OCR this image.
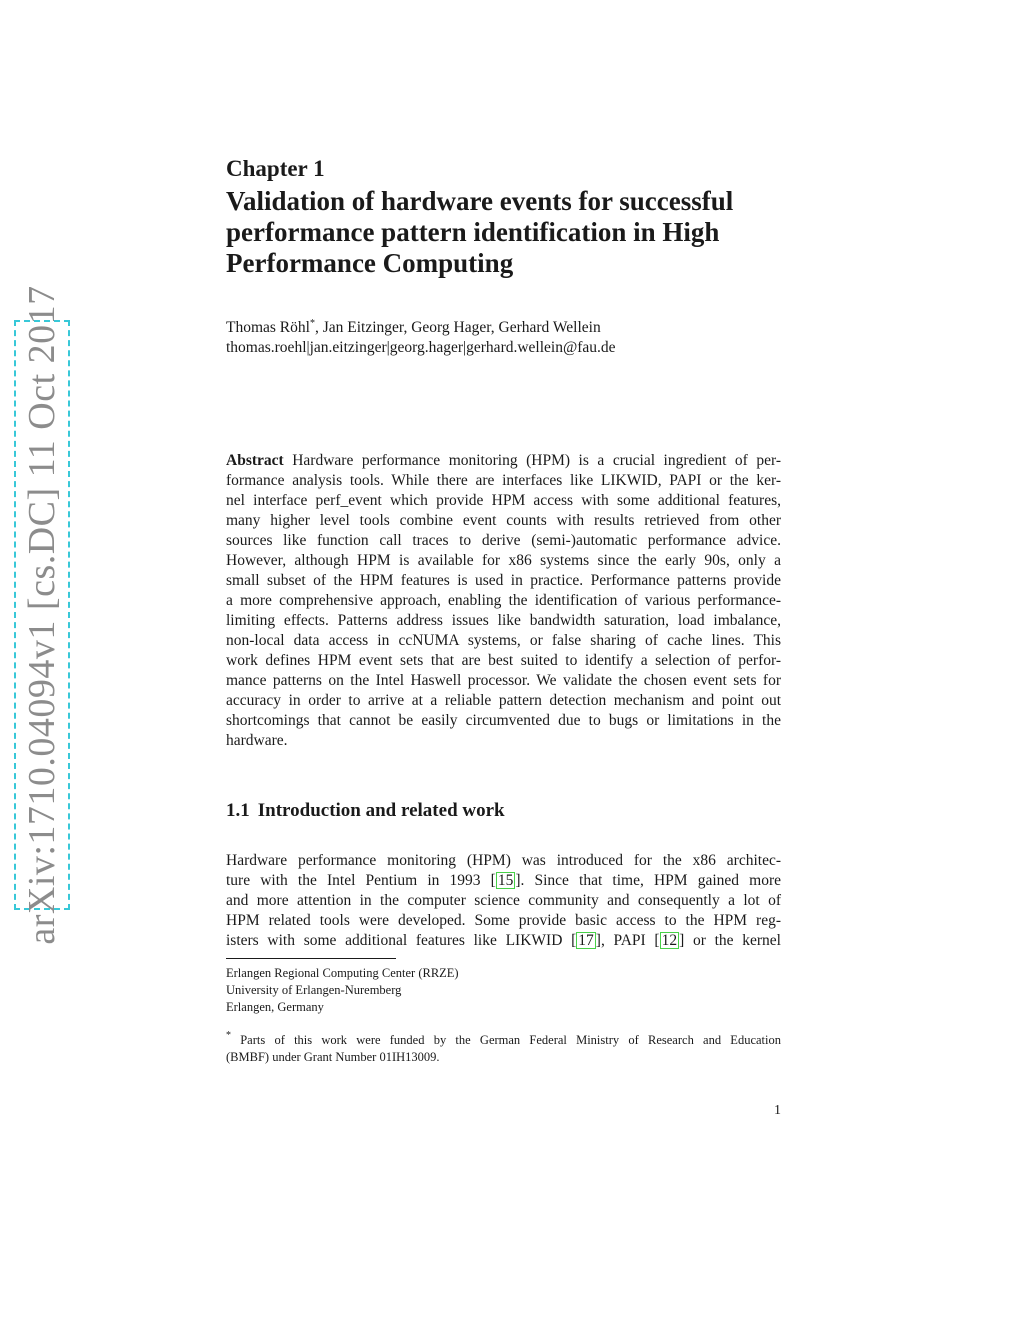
arXiv:1710.04094v1 [cs.DC] 11 Oct 2017
Chapter 1
Validation of hardware events for successful
performance pattern identification in High
Performance Computing
Thomas Röhl*, Jan Eitzinger, Georg Hager, Gerhard Wellein
thomas.roehl|jan.eitzinger|georg.hager|gerhard.wellein@fau.de
Abstract Hardware performance monitoring (HPM) is a crucial ingredient of per-
formance analysis tools. While there are interfaces like LIKWID, PAPI or the ker-
nel interface perf_event which provide HPM access with some additional features,
many higher level tools combine event counts with results retrieved from other
sources like function call traces to derive (semi-)automatic performance advice.
However, although HPM is available for x86 systems since the early 90s, only a
small subset of the HPM features is used in practice. Performance patterns provide
a more comprehensive approach, enabling the identification of various performance-
limiting effects. Patterns address issues like bandwidth saturation, load imbalance,
non-local data access in ccNUMA systems, or false sharing of cache lines. This
work defines HPM event sets that are best suited to identify a selection of perfor-
mance patterns on the Intel Haswell processor. We validate the chosen event sets for
accuracy in order to arrive at a reliable pattern detection mechanism and point out
shortcomings that cannot be easily circumvented due to bugs or limitations in the
hardware.
1.1 Introduction and related work
Hardware performance monitoring (HPM) was introduced for the x86 architec-
ture with the Intel Pentium in 1993 [ 15 ]. Since that time, HPM gained more
and more attention in the computer science community and consequently a lot of
HPM related tools were developed. Some provide basic access to the HPM reg-
isters with some additional features like LIKWID [ 17 ], PAPI [ 12 ] or the kernel
Erlangen Regional Computing Center (RRZE)
University of Erlangen-Nuremberg
Erlangen, Germany
* Parts of this work were funded by the German Federal Ministry of Research and Education
(BMBF) under Grant Number 01IH13009.
1
